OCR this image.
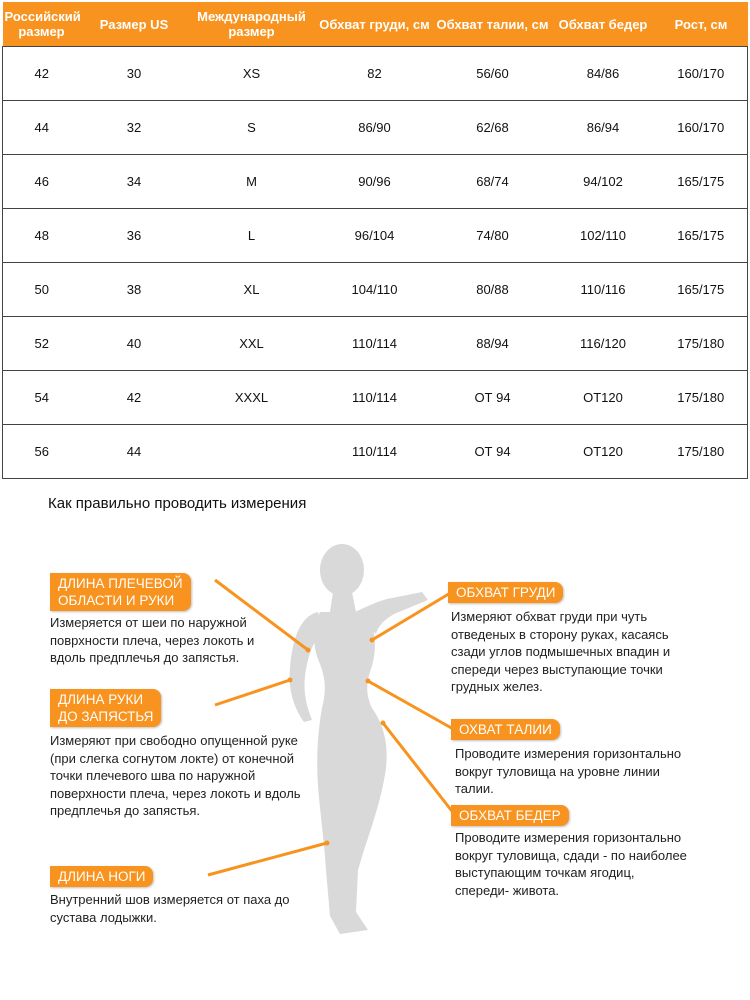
Российский размер	Размер US	Международный размер	Обхват груди, см	Обхват талии, см	Обхват бедер	Рост, см
42	30	XS	82	56/60	84/86	160/170
44	32	S	86/90	62/68	86/94	160/170
46	34	M	90/96	68/74	94/102	165/175
48	36	L	96/104	74/80	102/110	165/175
50	38	XL	104/110	80/88	110/116	165/175
52	40	XXL	110/114	88/94	116/120	175/180
54	42	XXXL	110/114	ОТ 94	ОТ120	175/180
56	44		110/114	ОТ 94	ОТ120	175/180
Как правильно проводить измерения
ДЛИНА ПЛЕЧЕВОЙ
ОБЛАСТИ И РУКИ
Измеряется от шеи по наружной поврхности плеча, через локоть и вдоль предплечья до запястья.
ДЛИНА РУКИ
ДО ЗАПЯСТЬЯ
Измеряют при свободно опущенной руке (при слегка согнутом локте) от конечной точки плечевого шва по наружной поверхности плеча, через локоть и вдоль предплечья до запястья.
ДЛИНА НОГИ
Внутренний шов измеряется от паха до сустава лодыжки.
ОБХВАТ ГРУДИ
Измеряют обхват груди при чуть отведеных в сторону руках, касаясь сзади углов подмышечных впадин и спереди через выступающие точки грудных желез.
ОХВАТ ТАЛИИ
Проводите измерения горизонтально вокруг туловища на уровне линии талии.
ОБХВАТ БЕДЕР
Проводите измерения горизонтально вокруг туловища, сдади - по наиболее выступающим точкам ягодиц, спереди- живота.
